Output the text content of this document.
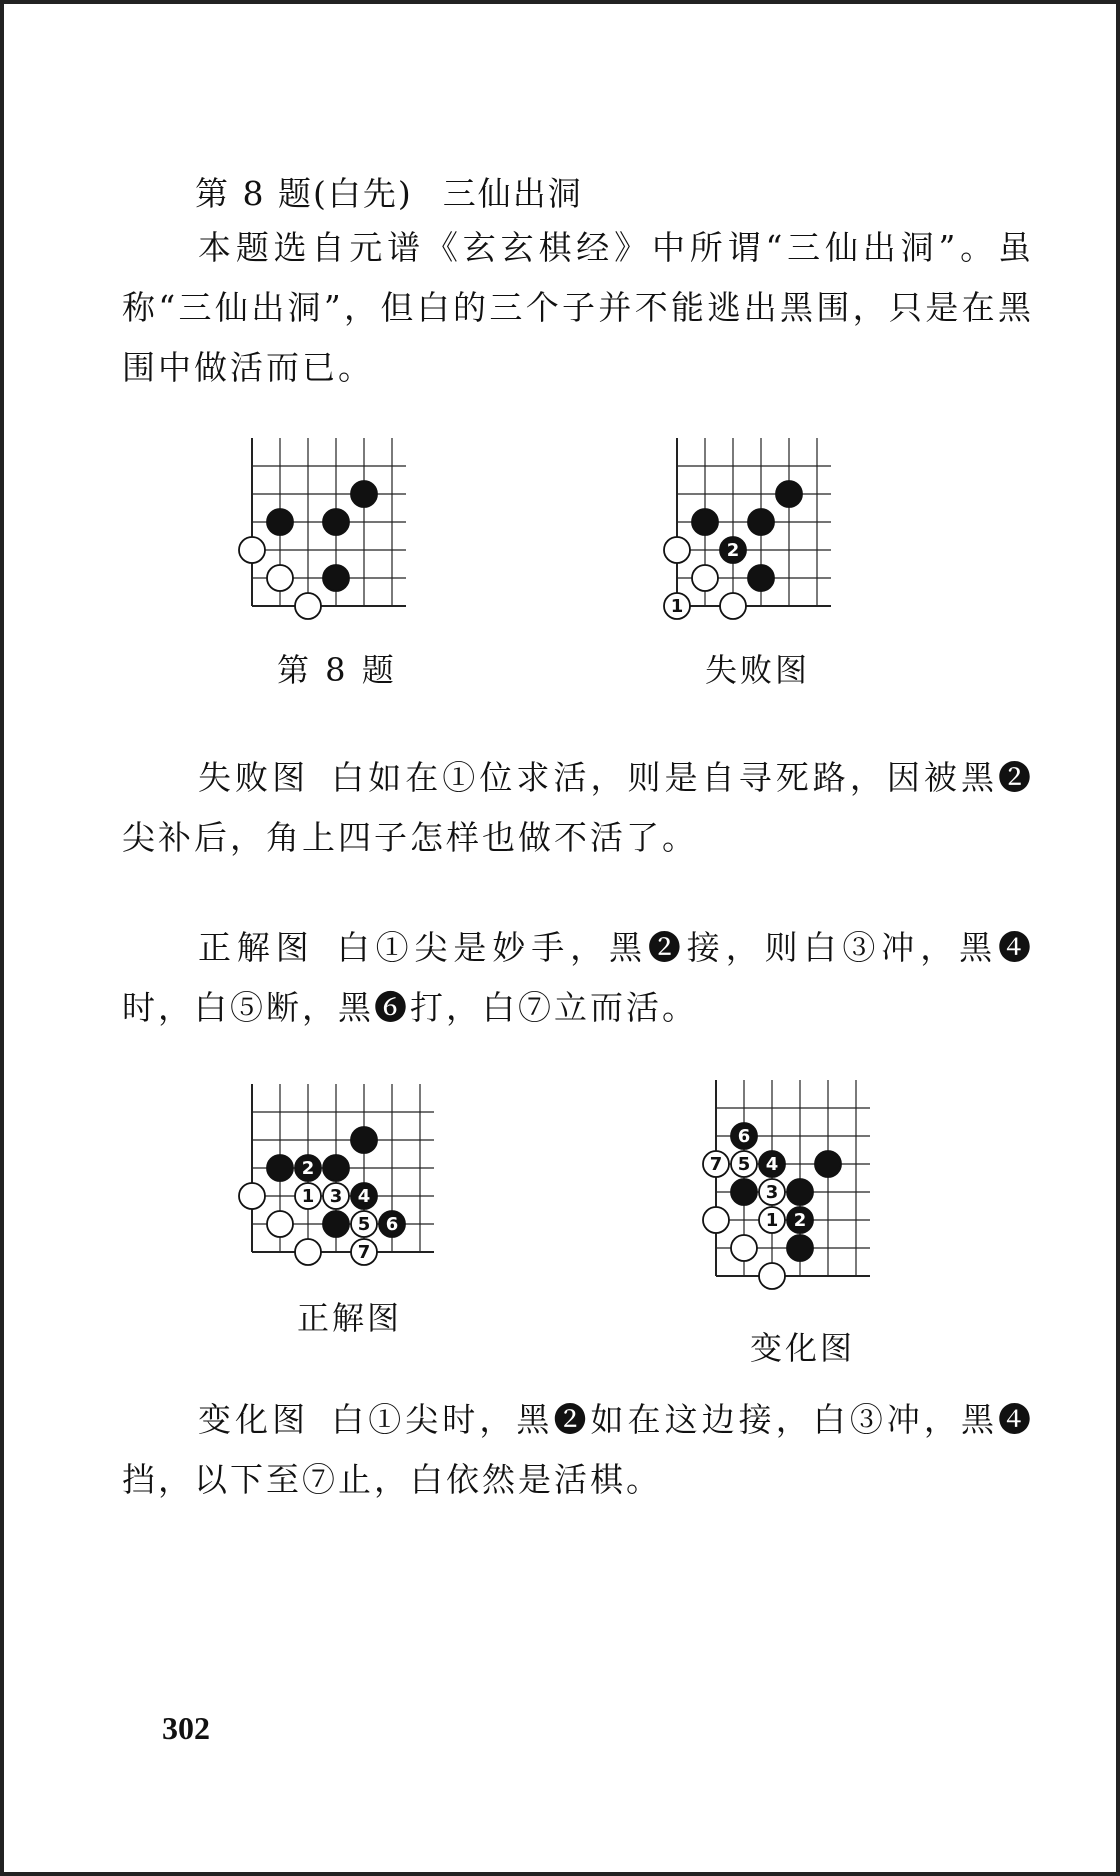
第 8 题(白先) 三仙出洞
本题选自元谱《玄玄棋经》中所谓“三仙出洞”。虽称“三仙出洞”，但白的三个子并不能逃出黑围，只是在黑围中做活而已。
第 8 题
2
1
失败图
失败图 白如在①位求活，则是自寻死路，因被黑❷尖补后，角上四子怎样也做不活了。
正解图 白①尖是妙手，黑❷接，则白③冲，黑❹时，白⑤断，黑❻打，白⑦立而活。
2
4
6
1 3
5
7
正解图
6
4
2
7 5
3
1
变化图
变化图 白①尖时，黑❷如在这边接，白③冲，黑❹挡，以下至⑦止，白依然是活棋。
302
